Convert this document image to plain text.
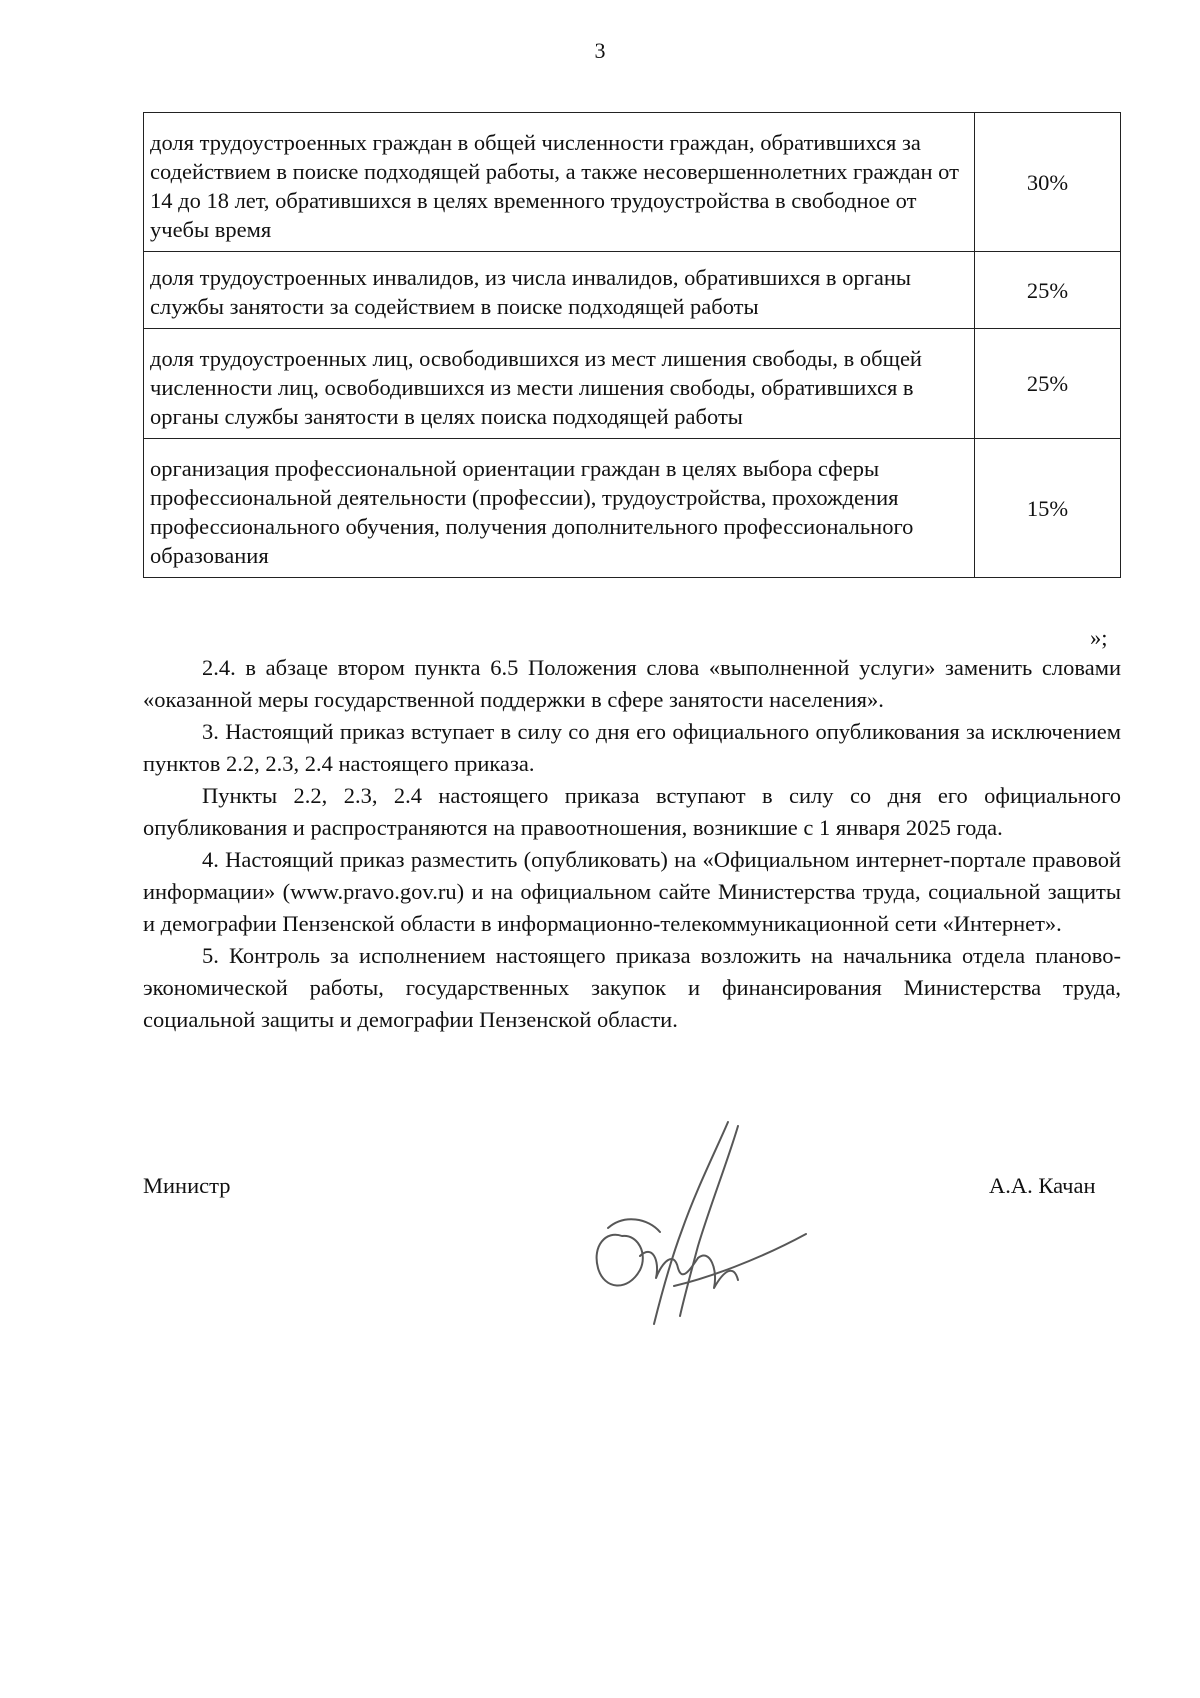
3
доля трудоустроенных граждан в общей численности граждан, обратившихся за содействием в поиске подходящей работы, а также несовершеннолетних граждан от 14 до 18 лет, обратившихся в целях временного трудоустройства в свободное от учебы время	30%
доля трудоустроенных инвалидов, из числа инвалидов, обратившихся в органы службы занятости за содействием в поиске подходящей работы	25%
доля трудоустроенных лиц, освободившихся из мест лишения свободы, в общей численности лиц, освободившихся из мести лишения свободы, обратившихся в органы службы занятости в целях поиска подходящей работы	25%
организация профессиональной ориентации граждан в целях выбора сферы профессиональной деятельности (профессии), трудоустройства, прохождения профессионального обучения, получения дополнительного профессионального образования	15%
»;

2.4. в абзаце втором пункта 6.5 Положения слова «выполненной услуги» заменить словами «оказанной меры государственной поддержки в сфере занятости населения».

3. Настоящий приказ вступает в силу со дня его официального опубликования за исключением пунктов 2.2, 2.3, 2.4 настоящего приказа.

Пункты 2.2, 2.3, 2.4 настоящего приказа вступают в силу со дня его официального опубликования и распространяются на правоотношения, возникшие с 1 января 2025 года.

4. Настоящий приказ разместить (опубликовать) на «Официальном интернет-портале правовой информации» (www.pravo.gov.ru) и на официальном сайте Министерства труда, социальной защиты и демографии Пензенской области в информационно-телекоммуникационной сети «Интернет».

5. Контроль за исполнением настоящего приказа возложить на начальника отдела планово-экономической работы, государственных закупок и финансирования Министерства труда, социальной защиты и демографии Пензенской области.

Министр	А.А. Качан
